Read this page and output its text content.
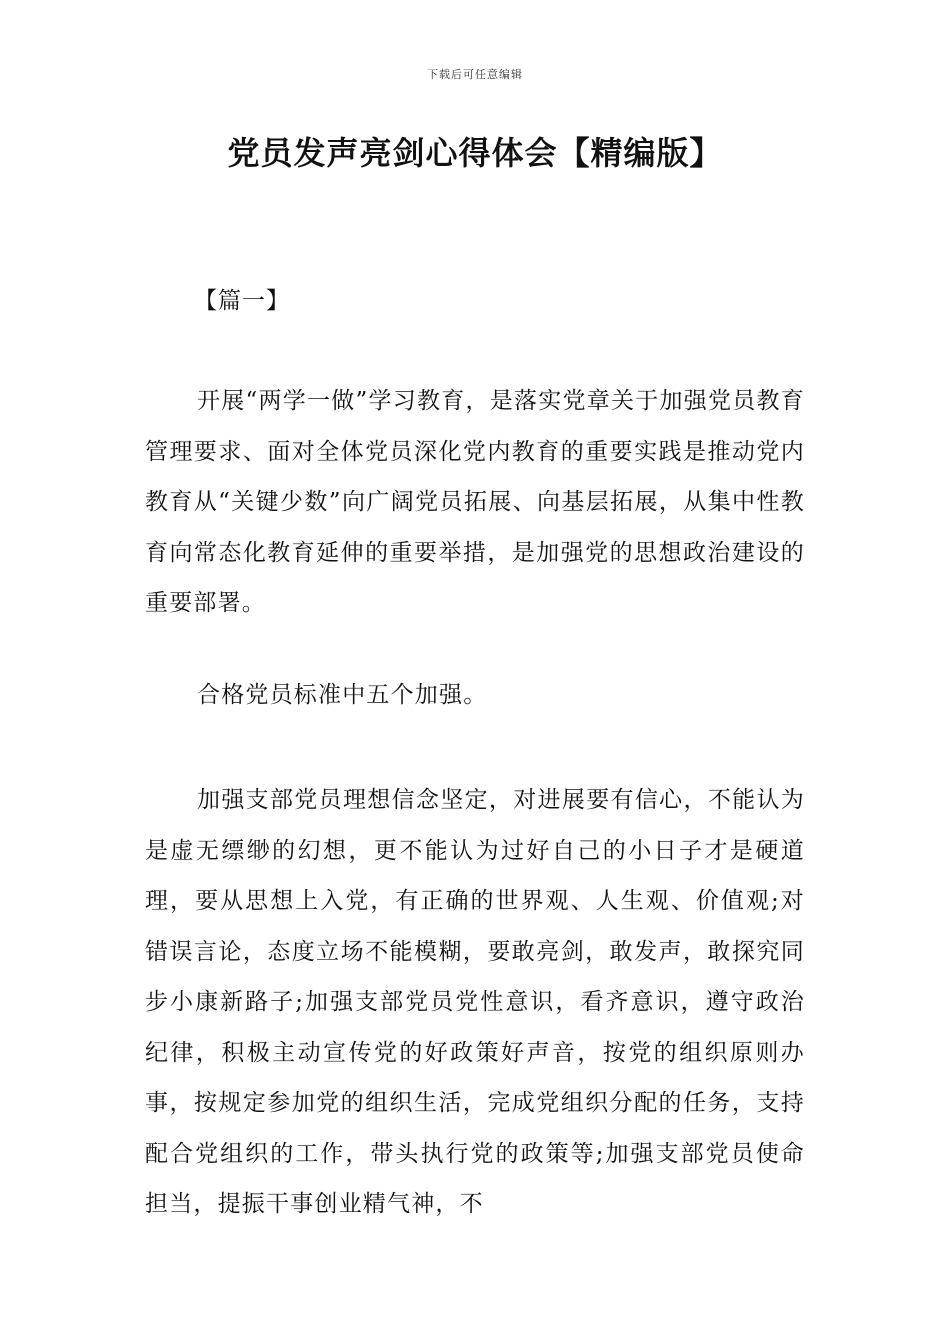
下载后可任意编辑
党员发声亮剑心得体会【精编版】
【篇一】

开展“两学一做”学习教育，是落实党章关于加强党员教育管理要求、面对全体党员深化党内教育的重要实践是推动党内教育从“关键少数”向广阔党员拓展、向基层拓展，从集中性教育向常态化教育延伸的重要举措，是加强党的思想政治建设的重要部署。

合格党员标准中五个加强。

加强支部党员理想信念坚定，对进展要有信心，不能认为是虚无缥缈的幻想，更不能认为过好自己的小日子才是硬道理，要从思想上入党，有正确的世界观、人生观、价值观;对错误言论，态度立场不能模糊，要敢亮剑，敢发声，敢探究同步小康新路子;加强支部党员党性意识，看齐意识，遵守政治纪律，积极主动宣传党的好政策好声音，按党的组织原则办事，按规定参加党的组织生活，完成党组织分配的任务，支持配合党组织的工作，带头执行党的政策等;加强支部党员使命担当，提振干事创业精气神，不
